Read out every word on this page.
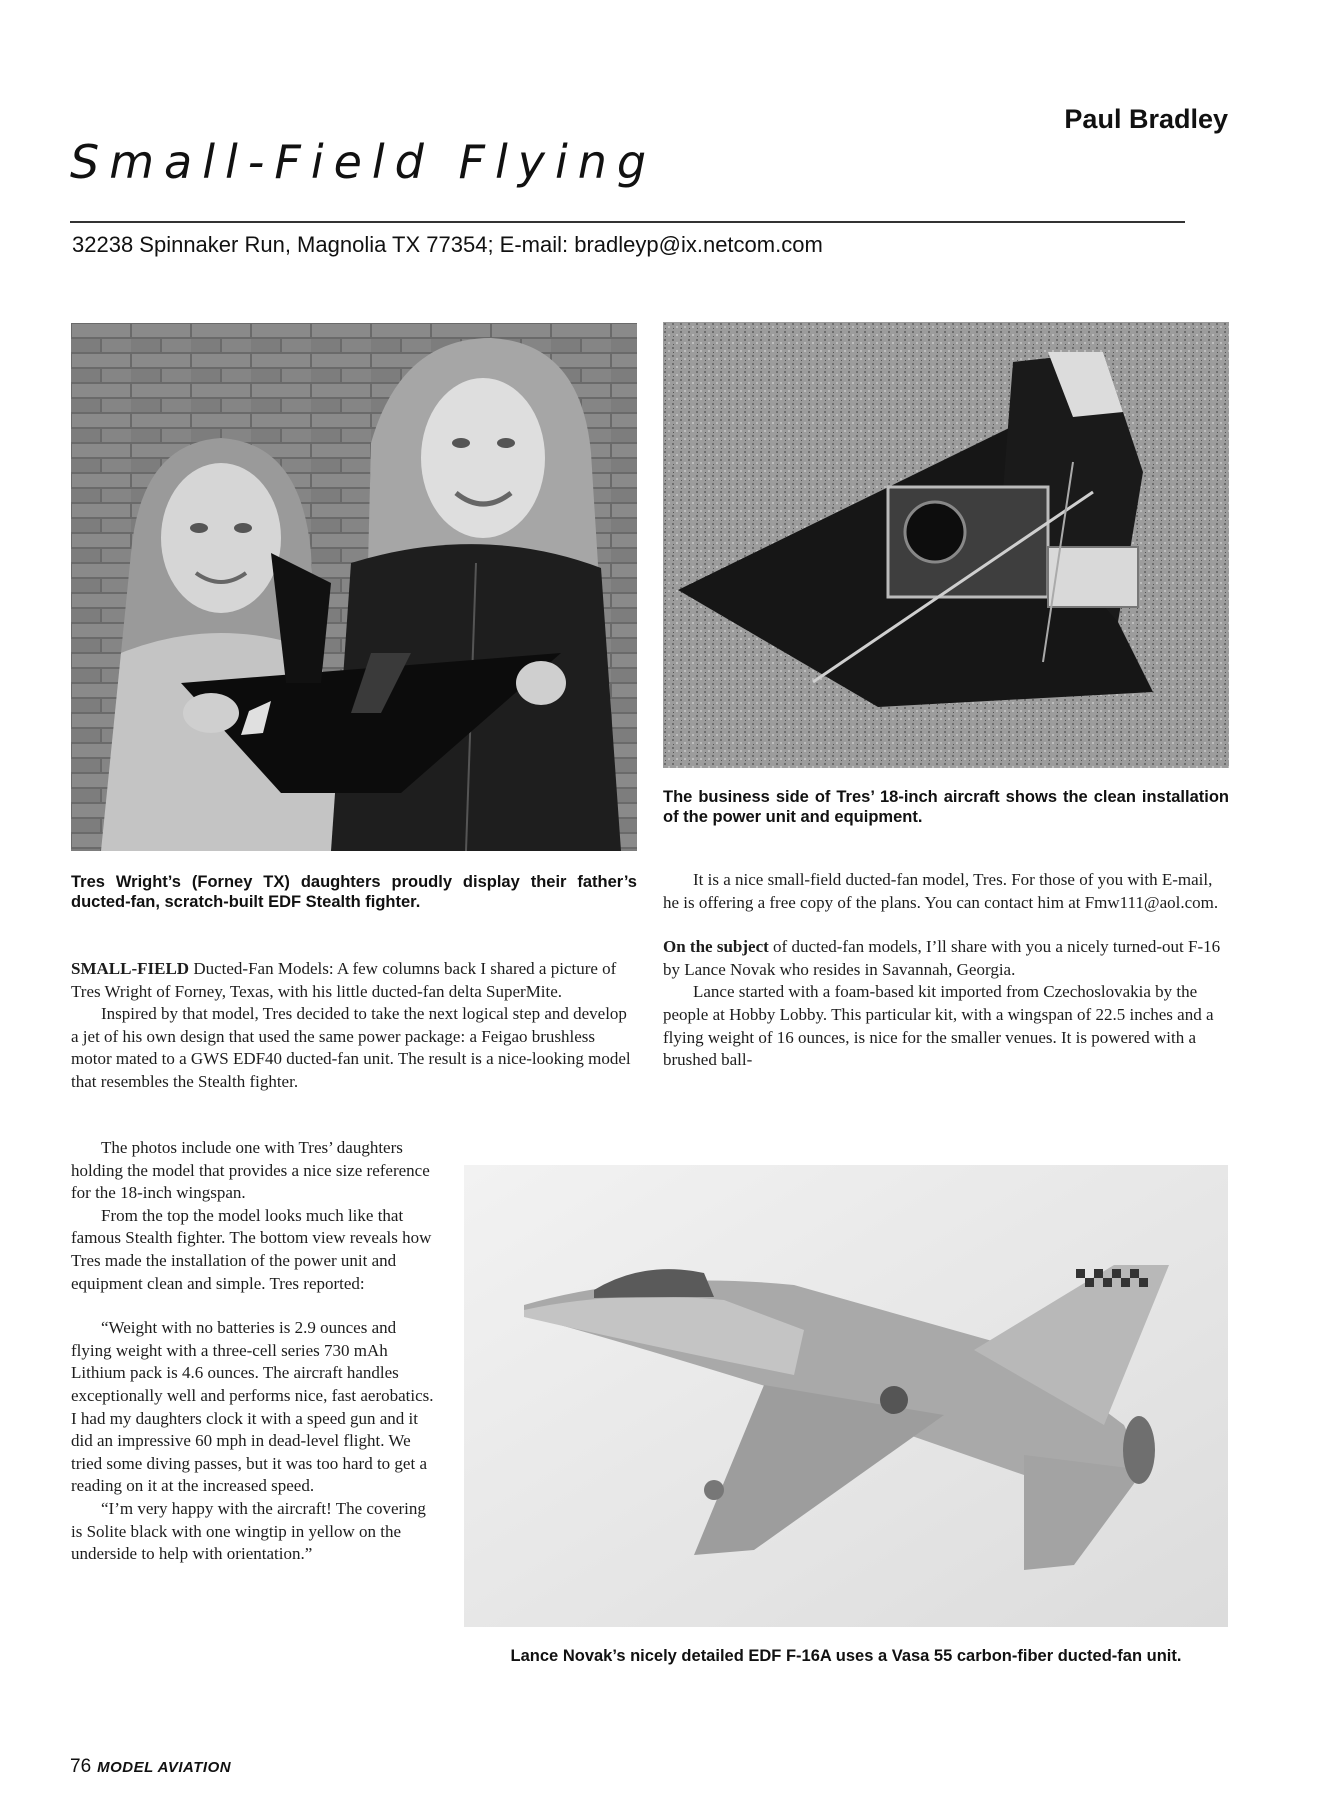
Paul Bradley
Small-Field Flying
32238 Spinnaker Run, Magnolia TX 77354; E-mail: bradleyp@ix.netcom.com
The business side of Tres’ 18-inch aircraft shows the clean installation of the power unit and equipment.
Tres Wright’s (Forney TX) daughters proudly display their father’s ducted-fan, scratch-built EDF Stealth fighter.

SMALL-FIELD Ducted-Fan Models: A few columns back I shared a picture of Tres Wright of Forney, Texas, with his little ducted-fan delta SuperMite.

Inspired by that model, Tres decided to take the next logical step and develop a jet of his own design that used the same power package: a Feigao brushless motor mated to a GWS EDF40 ducted-fan unit. The result is a nice-looking model that resembles the Stealth fighter.

The photos include one with Tres’ daughters holding the model that provides a nice size reference for the 18-inch wingspan.

From the top the model looks much like that famous Stealth fighter. The bottom view reveals how Tres made the installation of the power unit and equipment clean and simple. Tres reported:

“Weight with no batteries is 2.9 ounces and flying weight with a three-cell series 730 mAh Lithium pack is 4.6 ounces. The aircraft handles exceptionally well and performs nice, fast aerobatics. I had my daughters clock it with a speed gun and it did an impressive 60 mph in dead-level flight. We tried some diving passes, but it was too hard to get a reading on it at the increased speed.

“I’m very happy with the aircraft! The covering is Solite black with one wingtip in yellow on the underside to help with orientation.”

It is a nice small-field ducted-fan model, Tres. For those of you with E-mail, he is offering a free copy of the plans. You can contact him at Fmw111@aol.com.

On the subject of ducted-fan models, I’ll share with you a nicely turned-out F-16 by Lance Novak who resides in Savannah, Georgia.

Lance started with a foam-based kit imported from Czechoslovakia by the people at Hobby Lobby. This particular kit, with a wingspan of 22.5 inches and a flying weight of 16 ounces, is nice for the smaller venues. It is powered with a brushed ball-

Lance Novak’s nicely detailed EDF F-16A uses a Vasa 55 carbon-fiber ducted-fan unit.
76 MODEL AVIATION
